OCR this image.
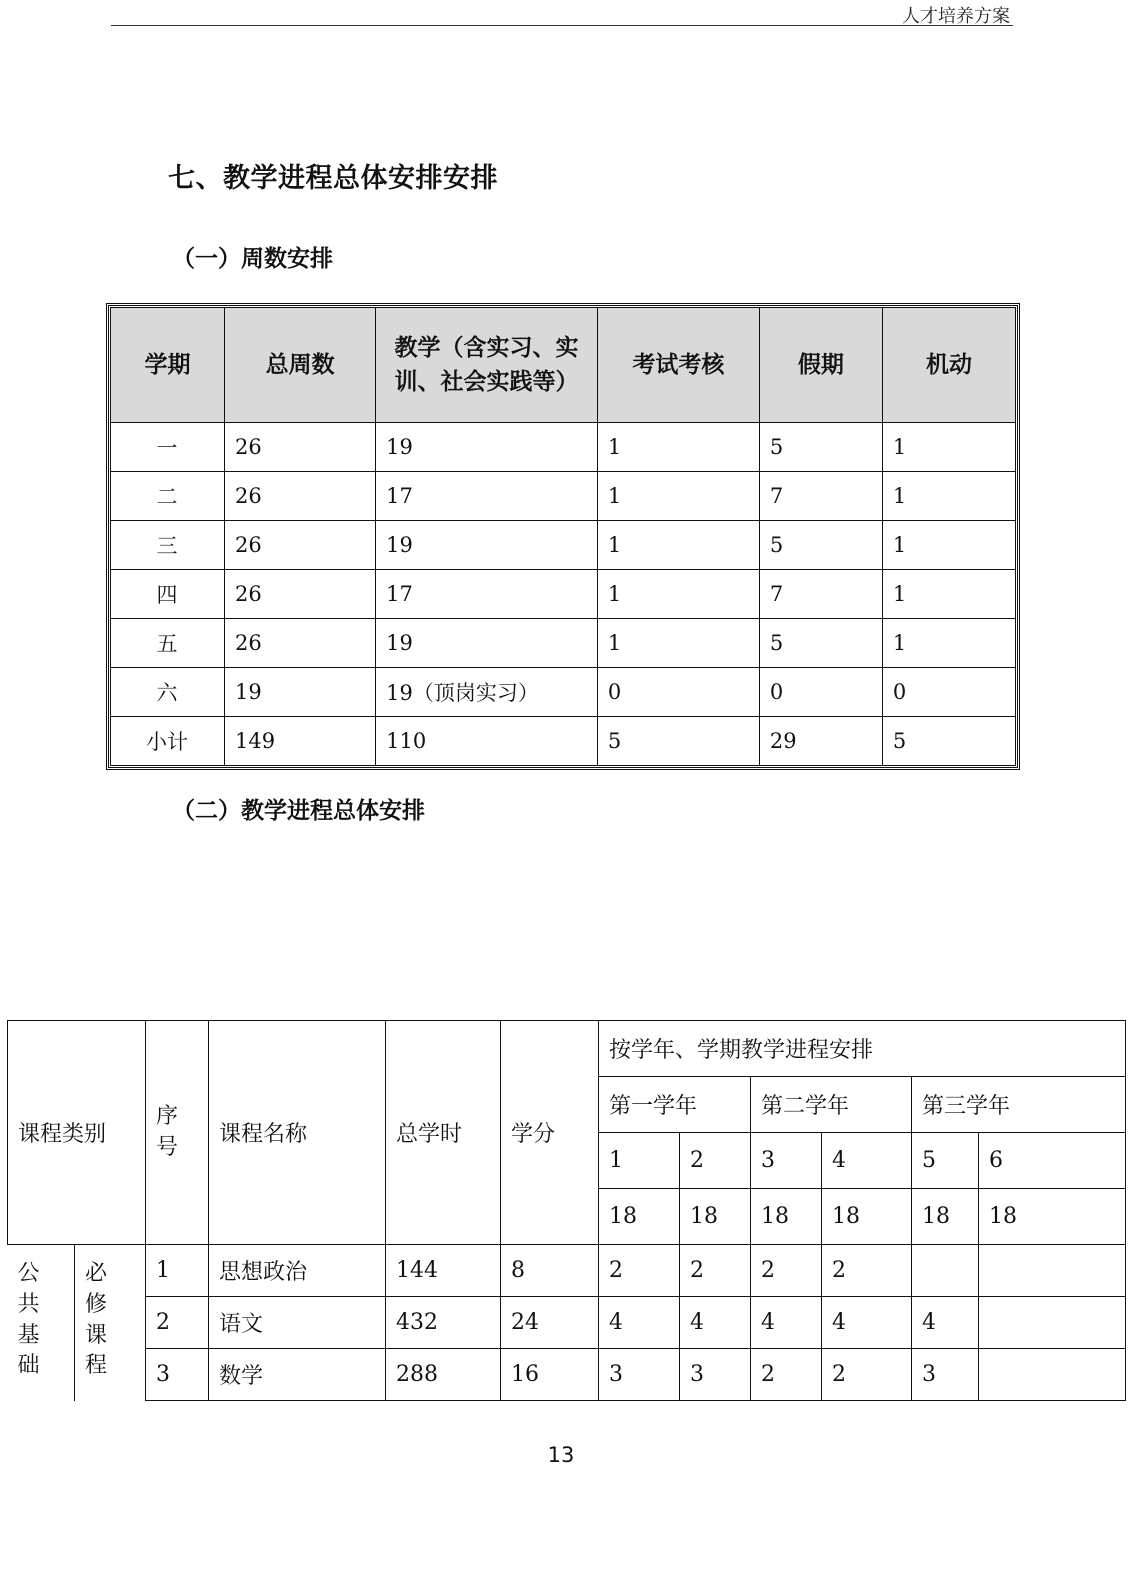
人才培养方案
七、教学进程总体安排安排
（一）周数安排
学期	总周数	教学（含实习、实训、社会实践等）	考试考核	假期	机动
一	26	19	1	5	1
二	26	17	1	7	1
三	26	19	1	5	1
四	26	17	1	7	1
五	26	19	1	5	1
六	19	19（顶岗实习）	0	0	0
小计	149	110	5	29	5
（二）教学进程总体安排
课程类别		序号	课程名称	总学时	学分	按学年、学期教学进程安排					
						第一学年		第二学年		第三学年	
						1	2	3	4	5	6
						18	18	18	18	18	18

公共基础	必修课程	1	思想政治	144	8	2	2	2	2		
		2	语文	432	24	4	4	4	4	4	
		3	数学	288	16	3	3	2	2	3	
13
